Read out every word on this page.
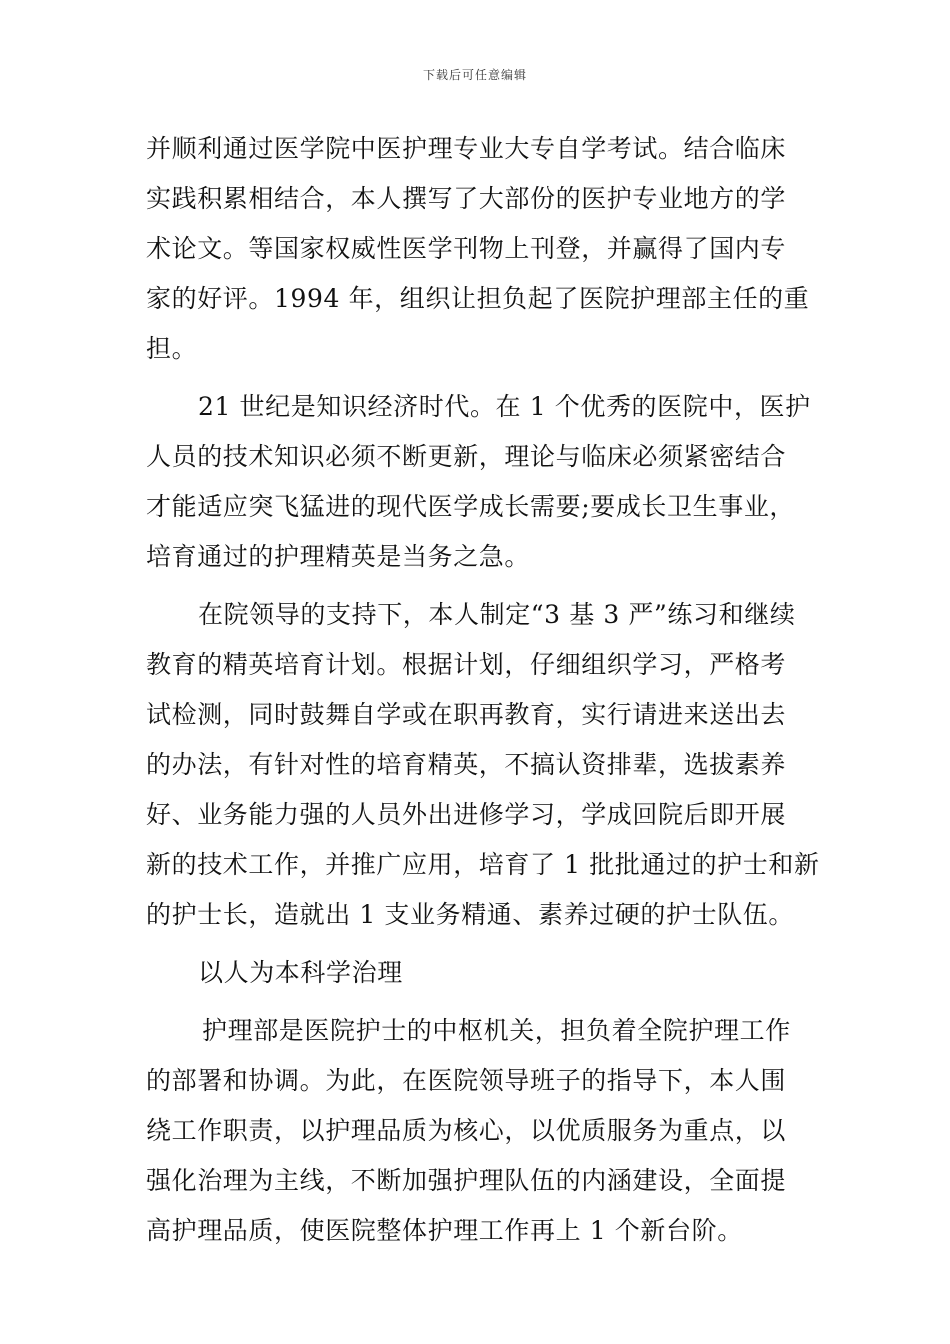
下载后可任意编辑
并顺利通过医学院中医护理专业大专自学考试。结合临床
实践积累相结合，本人撰写了大部份的医护专业地方的学
术论文。等国家权威性医学刊物上刊登，并赢得了国内专
家的好评。1994 年，组织让担负起了医院护理部主任的重
担。
21 世纪是知识经济时代。在 1 个优秀的医院中，医护
人员的技术知识必须不断更新，理论与临床必须紧密结合
才能适应突飞猛进的现代医学成长需要;要成长卫生事业，
培育通过的护理精英是当务之急。
在院领导的支持下，本人制定“3 基 3 严”练习和继续
教育的精英培育计划。根据计划，仔细组织学习，严格考
试检测，同时鼓舞自学或在职再教育，实行请进来送出去
的办法，有针对性的培育精英，不搞认资排辈，选拔素养
好、业务能力强的人员外出进修学习，学成回院后即开展
新的技术工作，并推广应用，培育了 1 批批通过的护士和新
的护士长，造就出 1 支业务精通、素养过硬的护士队伍。
以人为本科学治理
护理部是医院护士的中枢机关，担负着全院护理工作
的部署和协调。为此，在医院领导班子的指导下，本人围
绕工作职责，以护理品质为核心，以优质服务为重点，以
强化治理为主线，不断加强护理队伍的内涵建设，全面提
高护理品质，使医院整体护理工作再上 1 个新台阶。
